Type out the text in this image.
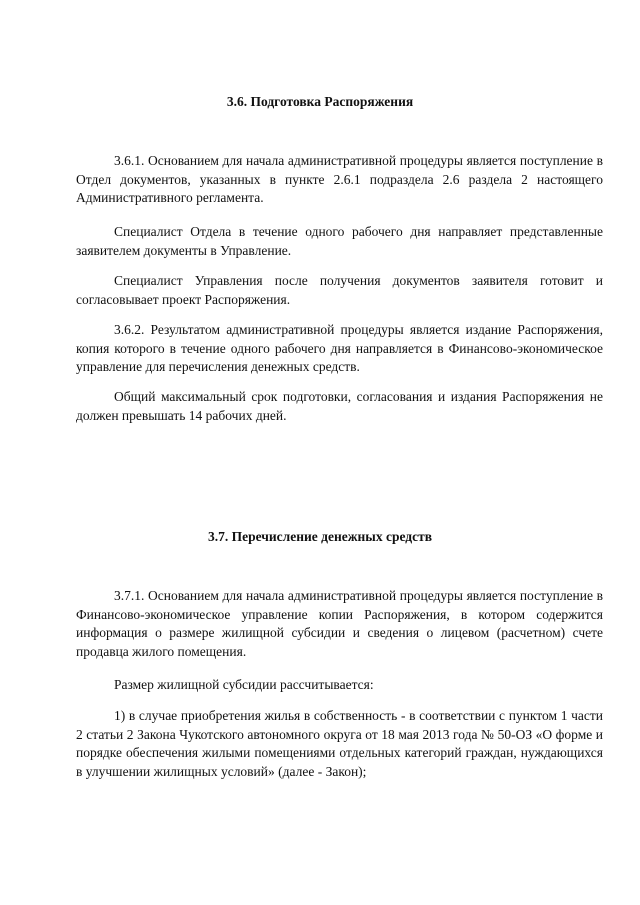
3.6. Подготовка Распоряжения

3.6.1. Основанием для начала административной процедуры является поступление в Отдел документов, указанных в пункте 2.6.1 подраздела 2.6 раздела 2 настоящего Административного регламента.

Специалист Отдела в течение одного рабочего дня направляет представленные заявителем документы в Управление.

Специалист Управления после получения документов заявителя готовит и согласовывает проект Распоряжения.

3.6.2. Результатом административной процедуры является издание Распоряжения, копия которого в течение одного рабочего дня направляется в Финансово-экономическое управление для перечисления денежных средств.

Общий максимальный срок подготовки, согласования и издания Распоряжения не должен превышать 14 рабочих дней.

3.7. Перечисление денежных средств

3.7.1. Основанием для начала административной процедуры является поступление в Финансово-экономическое управление копии Распоряжения, в котором содержится информация о размере жилищной субсидии и сведения о лицевом (расчетном) счете продавца жилого помещения.

Размер жилищной субсидии рассчитывается:

1) в случае приобретения жилья в собственность - в соответствии с пунктом 1 части 2 статьи 2 Закона Чукотского автономного округа от 18 мая 2013 года № 50-ОЗ «О форме и порядке обеспечения жилыми помещениями отдельных категорий граждан, нуждающихся в улучшении жилищных условий» (далее - Закон);
